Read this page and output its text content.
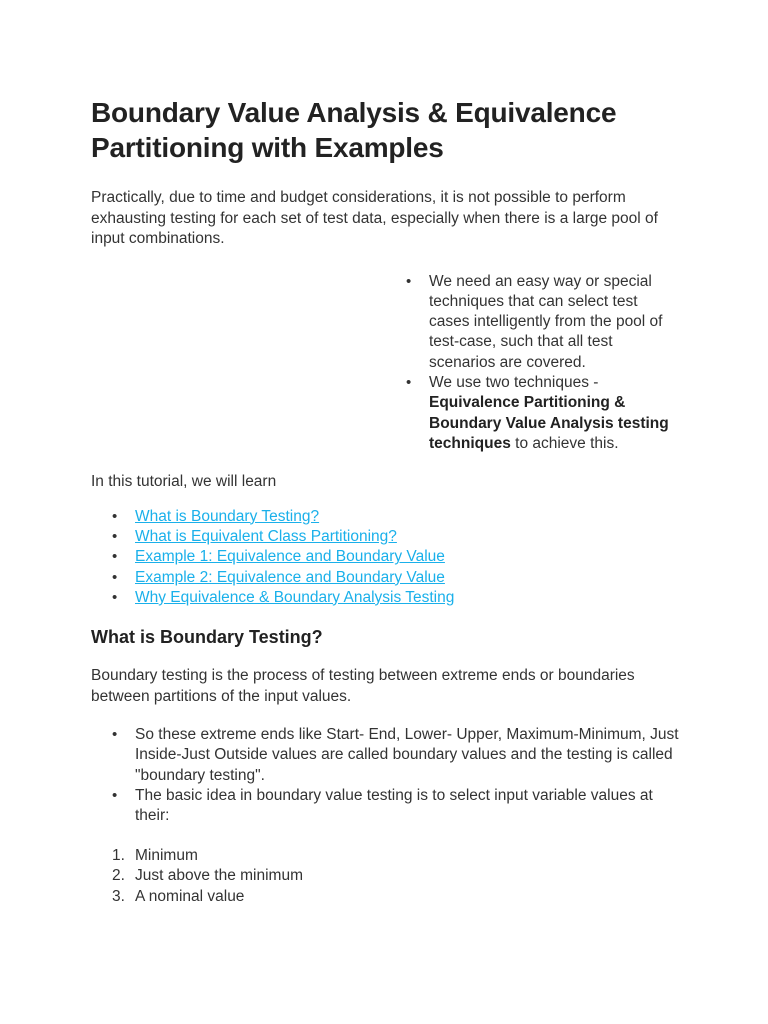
Boundary Value Analysis & Equivalence Partitioning with Examples

Practically, due to time and budget considerations, it is not possible to perform exhausting testing for each set of test data, especially when there is a large pool of input combinations.

• We need an easy way or special techniques that can select test cases intelligently from the pool of test-case, such that all test scenarios are covered.
• We use two techniques - Equivalence Partitioning & Boundary Value Analysis testing techniques to achieve this.

In this tutorial, we will learn

• What is Boundary Testing?
• What is Equivalent Class Partitioning?
• Example 1: Equivalence and Boundary Value
• Example 2: Equivalence and Boundary Value
• Why Equivalence & Boundary Analysis Testing
What is Boundary Testing?

Boundary testing is the process of testing between extreme ends or boundaries between partitions of the input values.

• So these extreme ends like Start- End, Lower- Upper, Maximum-Minimum, Just Inside-Just Outside values are called boundary values and the testing is called "boundary testing".
• The basic idea in boundary value testing is to select input variable values at their:
1. Minimum
2. Just above the minimum
3. A nominal value
